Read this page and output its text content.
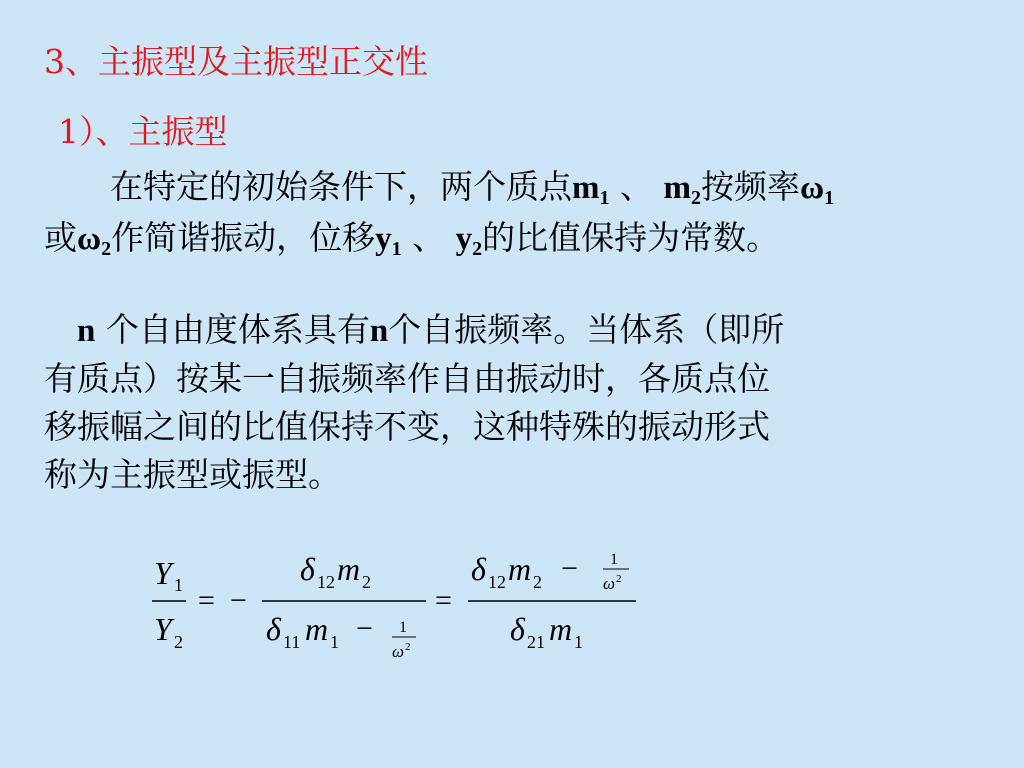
3、主振型及主振型正交性
1）、主振型

　　在特定的初始条件下，两个质点$m_1$ 、 $m_2$按频率$\omega_1$
或$\omega_2$作简谐振动，位移$y_1$ 、 $y_2$的比值保持为常数。

　n 个自由度体系具有n个自振频率。当体系（即所
有质点）按某一自振频率作自由振动时，各质点位
移振幅之间的比值保持不变，这种特殊的振动形式
称为主振型或振型。

Y 1
Y 2
= −
δ 12 m 2
δ 11 m 1 − 1
ω 2
=
δ 12 m 2 − 1
ω 2
δ 21 m 1
